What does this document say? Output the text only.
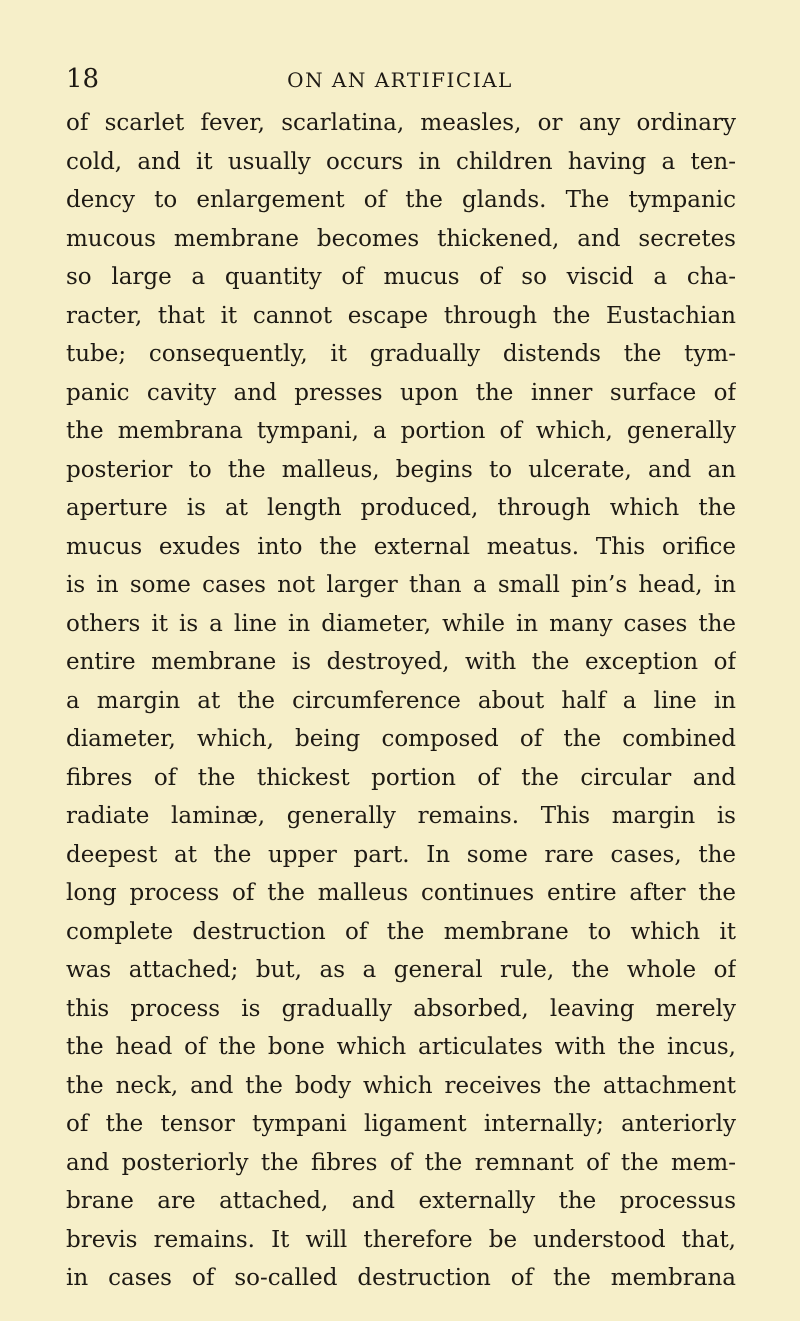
18	ON AN ARTIFICIAL
of scarlet fever, scarlatina, measles, or any ordinary
cold, and it usually occurs in children having a ten-
dency to enlargement of the glands. The tympanic
mucous membrane becomes thickened, and secretes
so large a quantity of mucus of so viscid a cha-
racter, that it cannot escape through the Eustachian
tube; consequently, it gradually distends the tym-
panic cavity and presses upon the inner surface of
the membrana tympani, a portion of which, generally
posterior to the malleus, begins to ulcerate, and an
aperture is at length produced, through which the
mucus exudes into the external meatus. This orifice
is in some cases not larger than a small pin’s head, in
others it is a line in diameter, while in many cases the
entire membrane is destroyed, with the exception of
a margin at the circumference about half a line in
diameter, which, being composed of the combined
fibres of the thickest portion of the circular and
radiate laminæ, generally remains. This margin is
deepest at the upper part. In some rare cases, the
long process of the malleus continues entire after the
complete destruction of the membrane to which it
was attached; but, as a general rule, the whole of
this process is gradually absorbed, leaving merely
the head of the bone which articulates with the incus,
the neck, and the body which receives the attachment
of the tensor tympani ligament internally; anteriorly
and posteriorly the fibres of the remnant of the mem-
brane are attached, and externally the processus
brevis remains. It will therefore be understood that,
in cases of so-called destruction of the membrana
